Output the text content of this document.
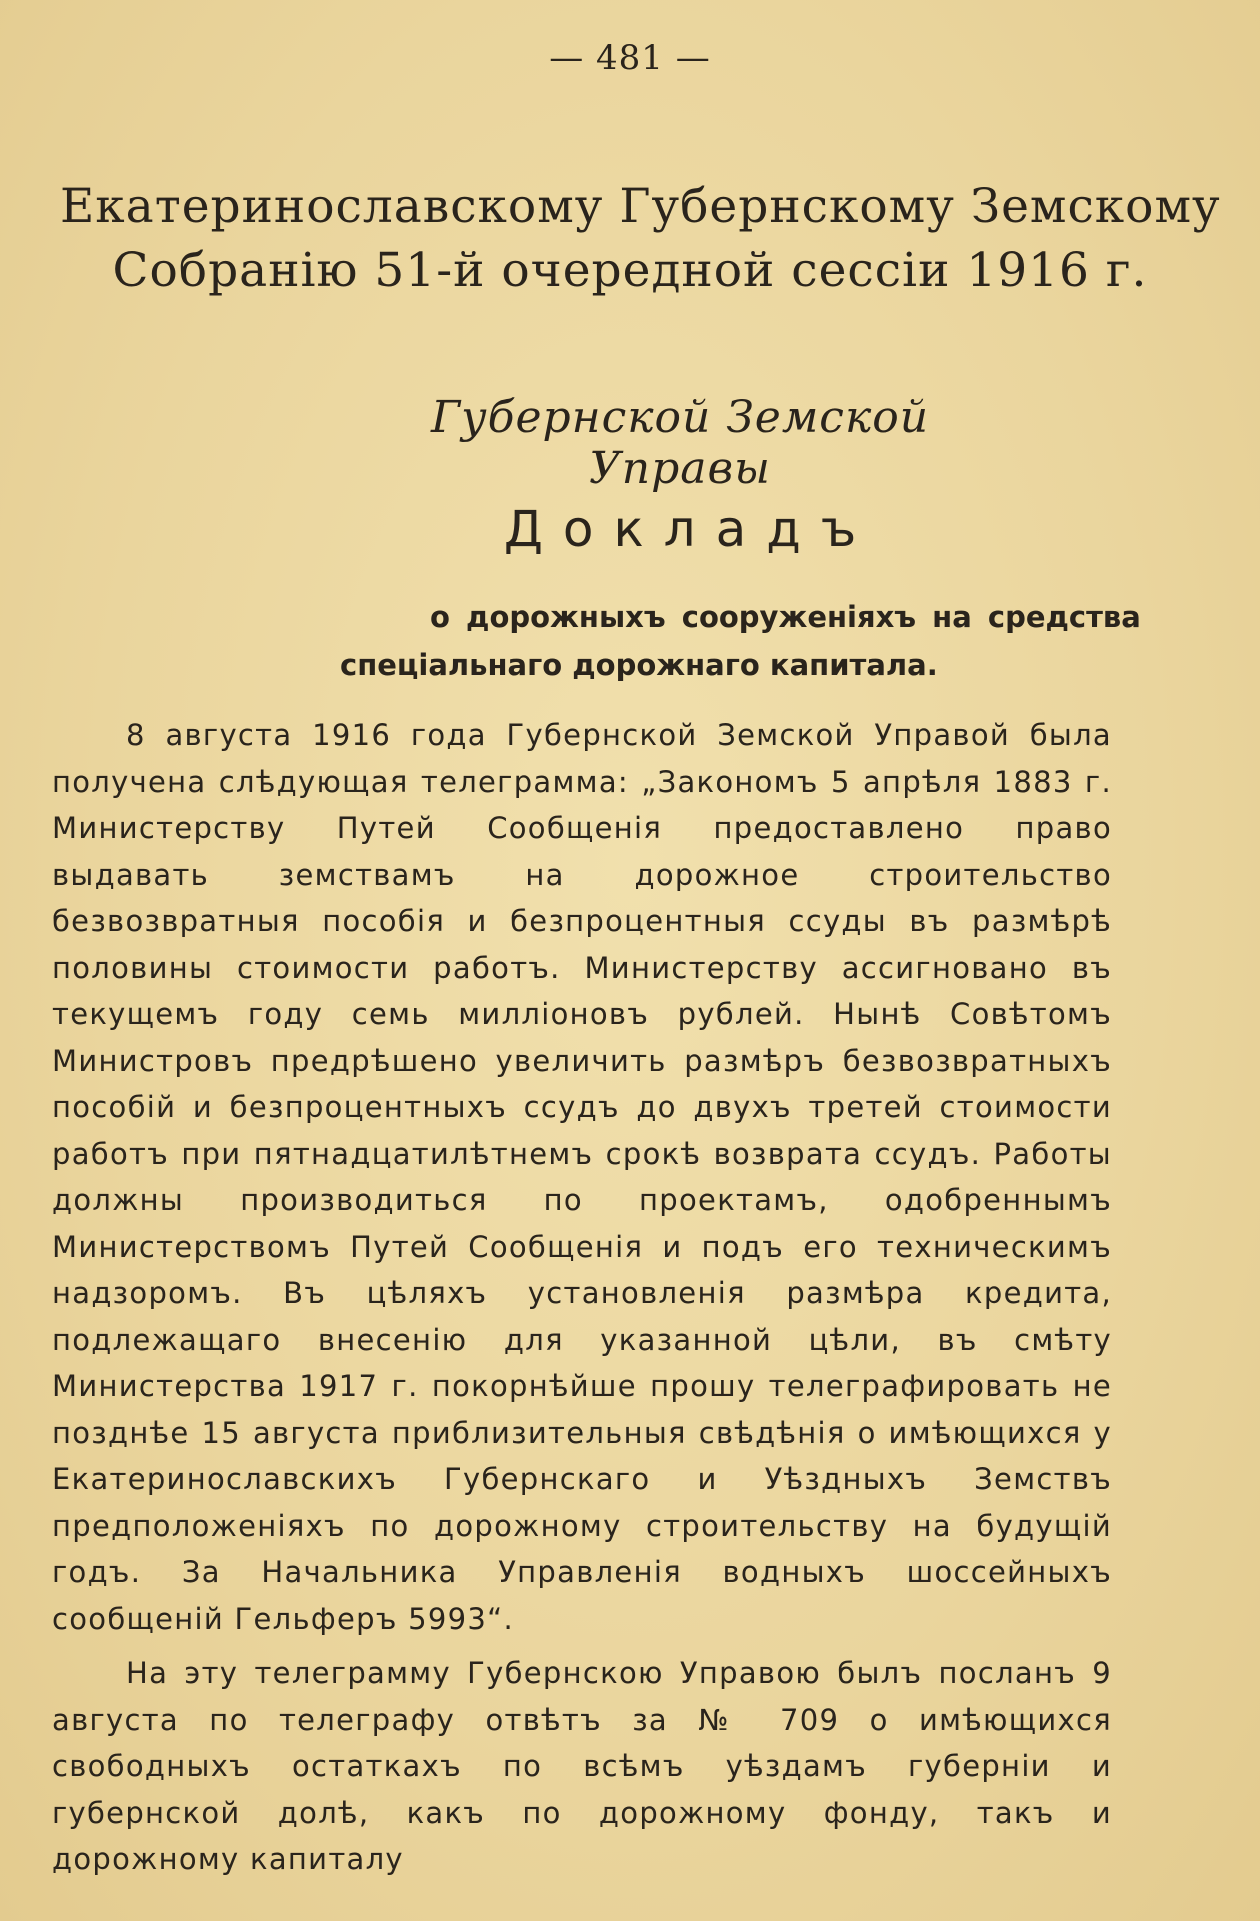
— 481 —
Екатеринославскому Губернскому Земскому
Собранію 51-й очередной сессіи 1916 г.
Губернской Земской Управы
Докладъ
о дорожныхъ сооруженіяхъ на средства
спеціальнаго дорожнаго капитала.

8 августа 1916 года Губернской Земской Управой была получена слѣдующая телеграмма: „Закономъ 5 апрѣля 1883 г. Министерству Путей Сообщенія предоставлено право выдавать земствамъ на дорожное строительство безвозвратныя пособія и безпроцентныя ссуды въ размѣрѣ половины стоимости работъ. Министерству ассигновано въ текущемъ году семь милліоновъ рублей. Нынѣ Совѣтомъ Министровъ предрѣшено увеличить размѣръ безвозвратныхъ пособій и безпроцентныхъ ссудъ до двухъ третей стоимости работъ при пятнадцатилѣтнемъ срокѣ возврата ссудъ. Работы должны производиться по проектамъ, одобреннымъ Министерствомъ Путей Сообщенія и подъ его техническимъ надзоромъ. Въ цѣляхъ установленія размѣра кредита, подлежащаго внесенію для указанной цѣли, въ смѣту Министерства 1917 г. покорнѣйше прошу телеграфировать не позднѣе 15 августа приблизительныя свѣдѣнія о имѣющихся у Екатеринославскихъ Губернскаго и Уѣздныхъ Земствъ предположеніяхъ по дорожному строительству на будущій годъ. За Начальника Управленія водныхъ шоссейныхъ сообщеній Гельферъ 5993“.

На эту телеграмму Губернскою Управою былъ посланъ 9 августа по телеграфу отвѣтъ за № 709 о имѣющихся свободныхъ остаткахъ по всѣмъ уѣздамъ губерніи и губернской долѣ, какъ по дорожному фонду, такъ и дорожному капиталу
